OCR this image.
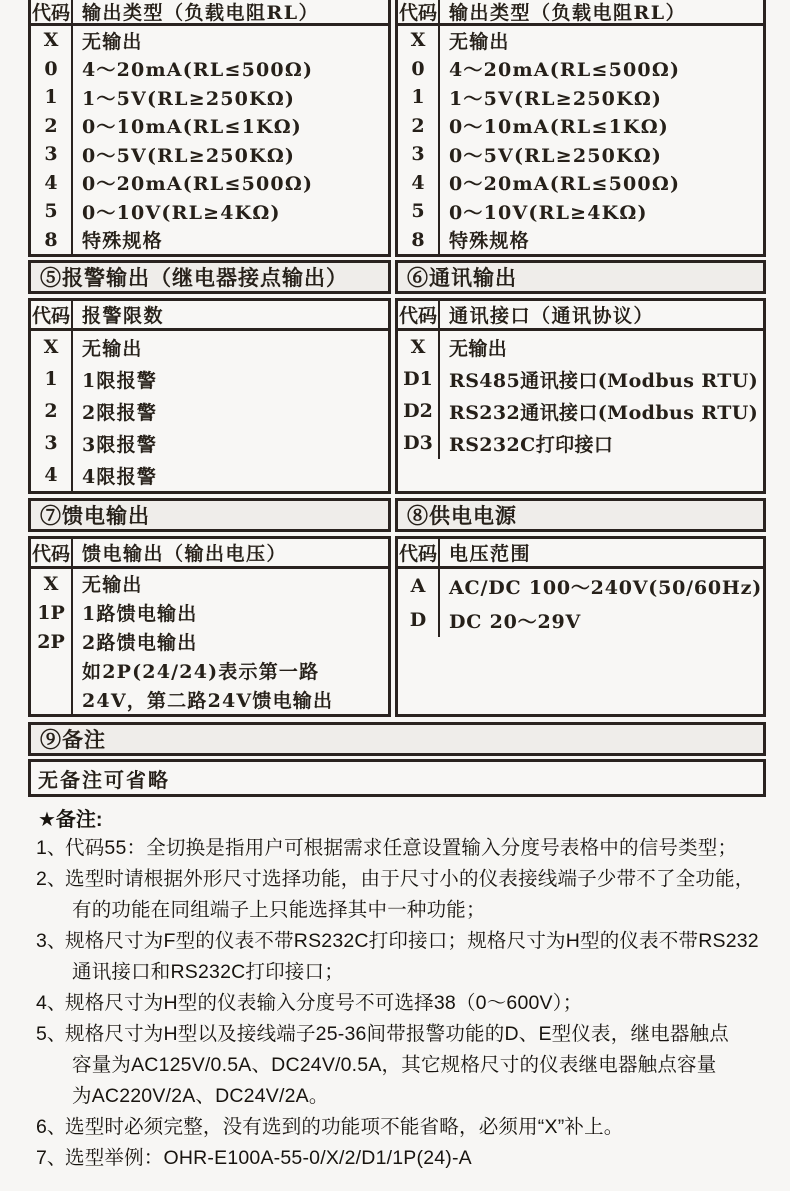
代码 输出类型（负载电阻RL）
X	无输出
0	4～20mA(RL≤500Ω)
1	1～5V(RL≥250KΩ)
2	0～10mA(RL≤1KΩ)
3	0～5V(RL≥250KΩ)
4	0～20mA(RL≤500Ω)
5	0～10V(RL≥4KΩ)
8	特殊规格
代码 输出类型（负载电阻RL）
X	无输出
0	4～20mA(RL≤500Ω)
1	1～5V(RL≥250KΩ)
2	0～10mA(RL≤1KΩ)
3	0～5V(RL≥250KΩ)
4	0～20mA(RL≤500Ω)
5	0～10V(RL≥4KΩ)
8	特殊规格
⑤报警输出（继电器接点输出）	⑥通讯输出
代码 报警限数
X	无输出
1	1限报警
2	2限报警
3	3限报警
4	4限报警
代码 通讯接口（通讯协议）
X	无输出
D1 RS485通讯接口(Modbus RTU)
D2 RS232通讯接口(Modbus RTU)
D3 RS232C打印接口
⑦馈电输出	⑧供电电源
代码 馈电输出（输出电压）
X	无输出
1P 1路馈电输出
2P 2路馈电输出
如2P(24/24)表示第一路
24V，第二路24V馈电输出
代码 电压范围
A	AC/DC 100～240V(50/60Hz)
D	DC 20～29V
⑨备注
无备注可省略
★备注:
1、
代码55：全切换是指用户可根据需求任意设置输入分度号表格中的信号类型；
2、
选型时请根据外形尺寸选择功能，由于尺寸小的仪表接线端子少带不了全功能，
有的功能在同组端子上只能选择其中一种功能；
3、
规格尺寸为F型的仪表不带RS232C打印接口；规格尺寸为H型的仪表不带RS232
通讯接口和RS232C打印接口；
4、
规格尺寸为H型的仪表输入分度号不可选择38（0～600V）；
5、
规格尺寸为H型以及接线端子25-36间带报警功能的D、E型仪表，继电器触点
容量为AC125V/0.5A、DC24V/0.5A，其它规格尺寸的仪表继电器触点容量
为AC220V/2A、DC24V/2A。
6、
选型时必须完整，没有选到的功能项不能省略，必须用“X”补上。
7、
选型举例：OHR-E100A-55-0/X/2/D1/1P(24)-A
